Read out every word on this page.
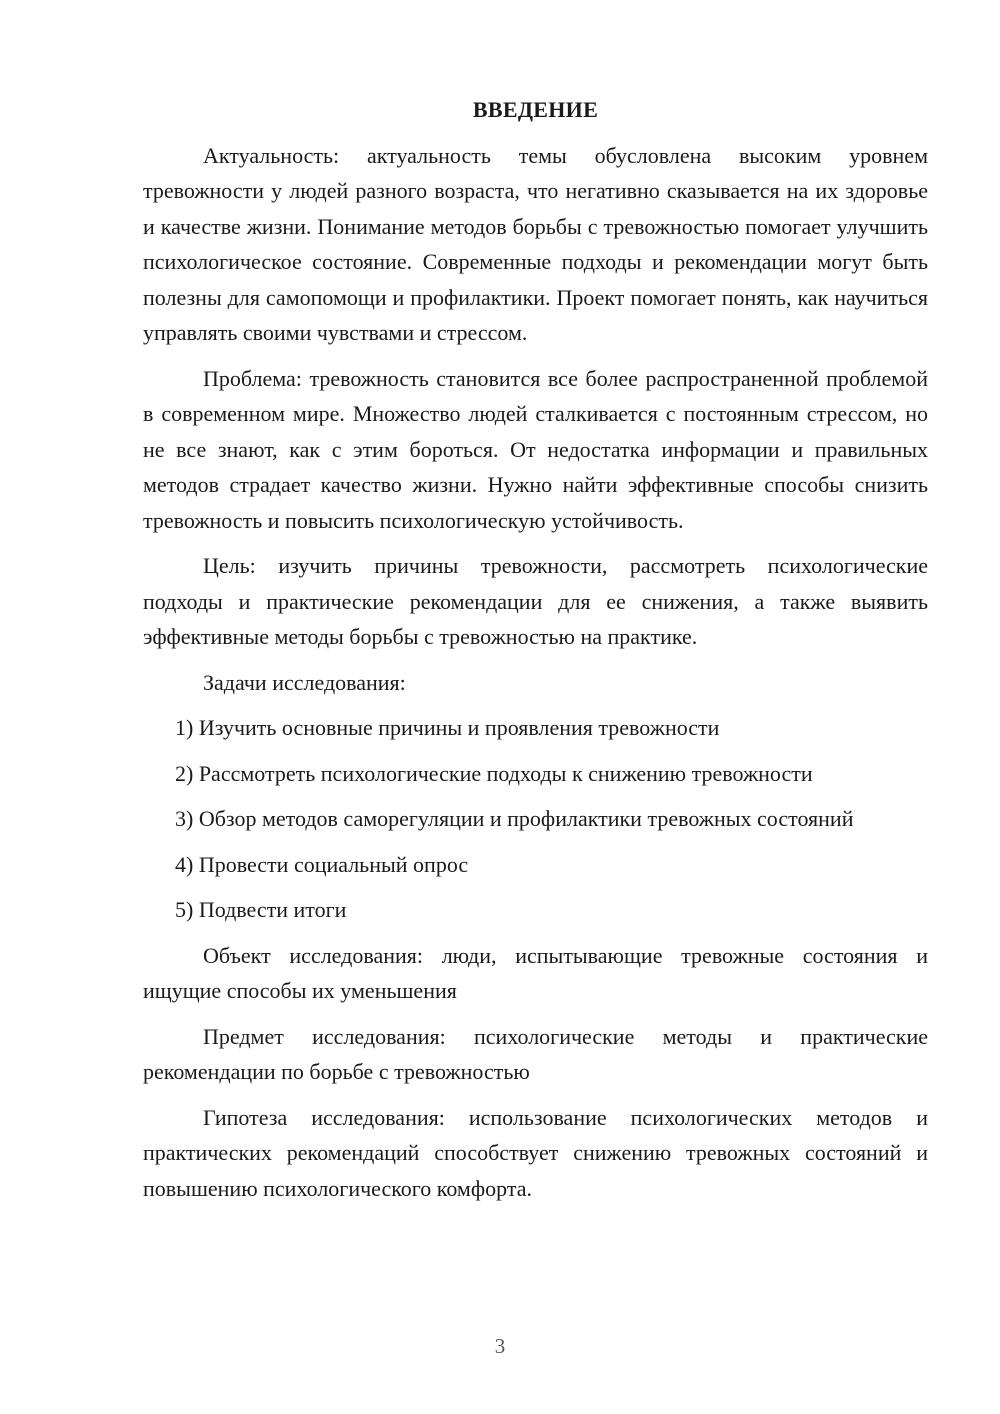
ВВЕДЕНИЕ

Актуальность: актуальность темы обусловлена высоким уровнем тревожности у людей разного возраста, что негативно сказывается на их здоровье и качестве жизни. Понимание методов борьбы с тревожностью помогает улучшить психологическое состояние. Современные подходы и рекомендации могут быть полезны для самопомощи и профилактики. Проект помогает понять, как научиться управлять своими чувствами и стрессом.

Проблема: тревожность становится все более распространенной проблемой в современном мире. Множество людей сталкивается с постоянным стрессом, но не все знают, как с этим бороться. От недостатка информации и правильных методов страдает качество жизни. Нужно найти эффективные способы снизить тревожность и повысить психологическую устойчивость.

Цель: изучить причины тревожности, рассмотреть психологические подходы и практические рекомендации для ее снижения, а также выявить эффективные методы борьбы с тревожностью на практике.

Задачи исследования:

1) Изучить основные причины и проявления тревожности

2) Рассмотреть психологические подходы к снижению тревожности

3) Обзор методов саморегуляции и профилактики тревожных состояний

4) Провести социальный опрос

5) Подвести итоги

Объект исследования: люди, испытывающие тревожные состояния и ищущие способы их уменьшения

Предмет исследования: психологические методы и практические рекомендации по борьбе с тревожностью

Гипотеза исследования: использование психологических методов и практических рекомендаций способствует снижению тревожных состояний и повышению психологического комфорта.

3
